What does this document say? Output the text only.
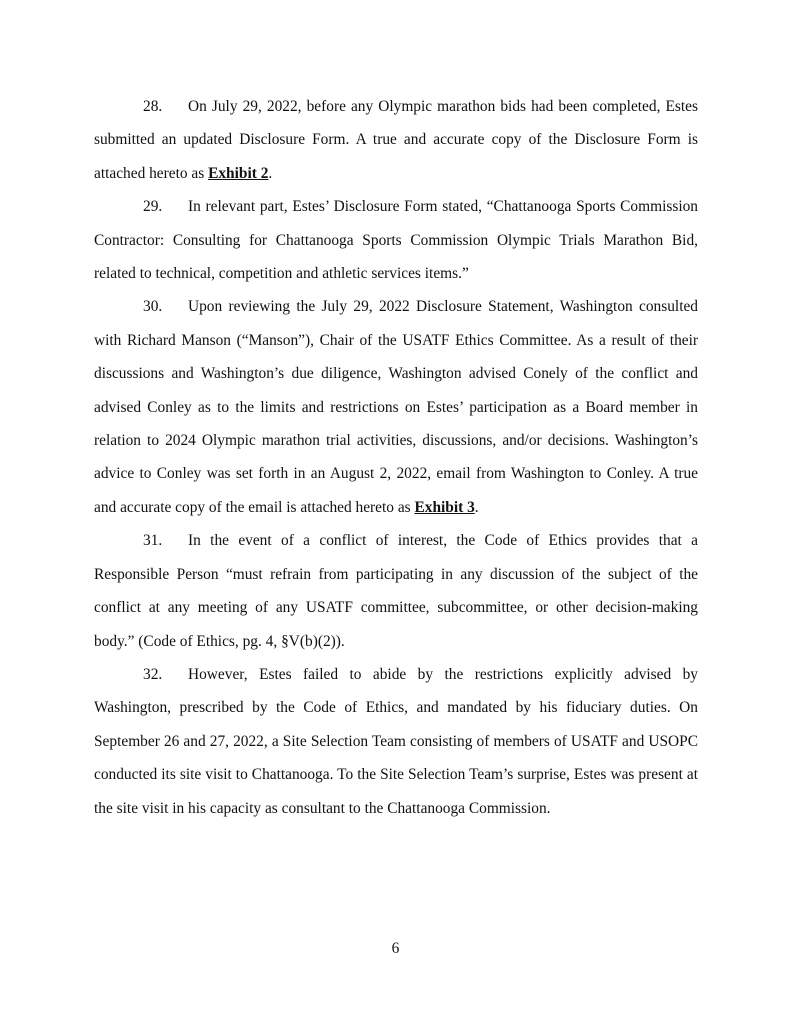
28. On July 29, 2022, before any Olympic marathon bids had been completed, Estes submitted an updated Disclosure Form. A true and accurate copy of the Disclosure Form is attached hereto as Exhibit 2.

29. In relevant part, Estes’ Disclosure Form stated, “Chattanooga Sports Commission Contractor: Consulting for Chattanooga Sports Commission Olympic Trials Marathon Bid, related to technical, competition and athletic services items.”

30. Upon reviewing the July 29, 2022 Disclosure Statement, Washington consulted with Richard Manson (“Manson”), Chair of the USATF Ethics Committee. As a result of their discussions and Washington’s due diligence, Washington advised Conely of the conflict and advised Conley as to the limits and restrictions on Estes’ participation as a Board member in relation to 2024 Olympic marathon trial activities, discussions, and/or decisions. Washington’s advice to Conley was set forth in an August 2, 2022, email from Washington to Conley. A true and accurate copy of the email is attached hereto as Exhibit 3.

31. In the event of a conflict of interest, the Code of Ethics provides that a Responsible Person “must refrain from participating in any discussion of the subject of the conflict at any meeting of any USATF committee, subcommittee, or other decision-making body.” (Code of Ethics, pg. 4, §V(b)(2)).

32. However, Estes failed to abide by the restrictions explicitly advised by Washington, prescribed by the Code of Ethics, and mandated by his fiduciary duties. On September 26 and 27, 2022, a Site Selection Team consisting of members of USATF and USOPC conducted its site visit to Chattanooga. To the Site Selection Team’s surprise, Estes was present at the site visit in his capacity as consultant to the Chattanooga Commission.

6
